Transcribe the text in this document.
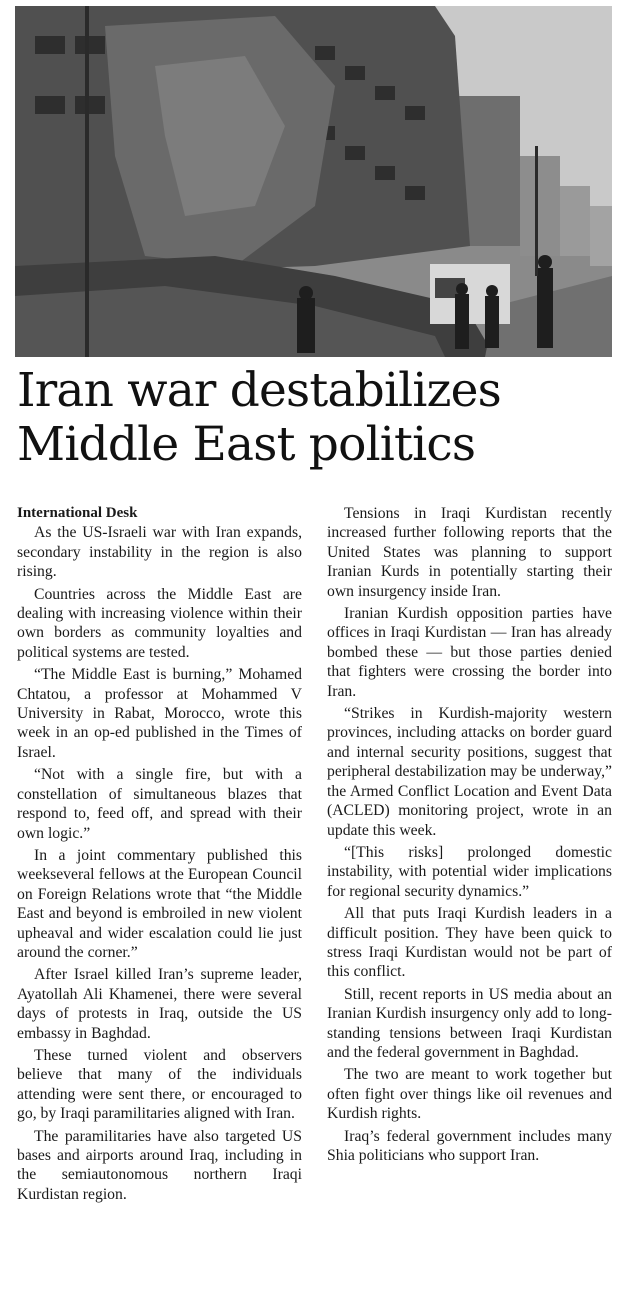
Iran war destabilizes Middle East politics
International Desk

As the US-Israeli war with Iran expands, secondary instability in the region is also rising.

Countries across the Middle East are dealing with increasing violence within their own borders as community loyalties and political systems are tested.

“The Middle East is burning,” Mohamed Chtatou, a professor at Mohammed V University in Rabat, Morocco, wrote this week in an op-ed published in the Times of Israel.

“Not with a single fire, but with a constellation of simultaneous blazes that respond to, feed off, and spread with their own logic.”

In a joint commentary published this weekseveral fellows at the European Council on Foreign Relations wrote that “the Middle East and beyond is embroiled in new violent upheaval and wider escalation could lie just around the corner.”

After Israel killed Iran’s supreme leader, Ayatollah Ali Khamenei, there were several days of protests in Iraq, outside the US embassy in Baghdad.

These turned violent and observers believe that many of the individuals attending were sent there, or encouraged to go, by Iraqi paramilitaries aligned with Iran.

The paramilitaries have also targeted US bases and airports around Iraq, including in the semiautonomous northern Iraqi Kurdistan region.

Tensions in Iraqi Kurdistan recently increased further following reports that the United States was planning to support Iranian Kurds in potentially starting their own insurgency inside Iran.

Iranian Kurdish opposition parties have offices in Iraqi Kurdistan — Iran has already bombed these — but those parties denied that fighters were crossing the border into Iran.

“Strikes in Kurdish-majority western provinces, including attacks on border guard and internal security positions, suggest that peripheral destabilization may be underway,” the Armed Conflict Location and Event Data (ACLED) monitoring project, wrote in an update this week.

“[This risks] prolonged domestic instability, with potential wider implications for regional security dynamics.”

All that puts Iraqi Kurdish leaders in a difficult position. They have been quick to stress Iraqi Kurdistan would not be part of this conflict.

Still, recent reports in US media about an Iranian Kurdish insurgency only add to long-standing tensions between Iraqi Kurdistan and the federal government in Baghdad.

The two are meant to work together but often fight over things like oil revenues and Kurdish rights.

Iraq’s federal government includes many Shia politicians who support Iran.
